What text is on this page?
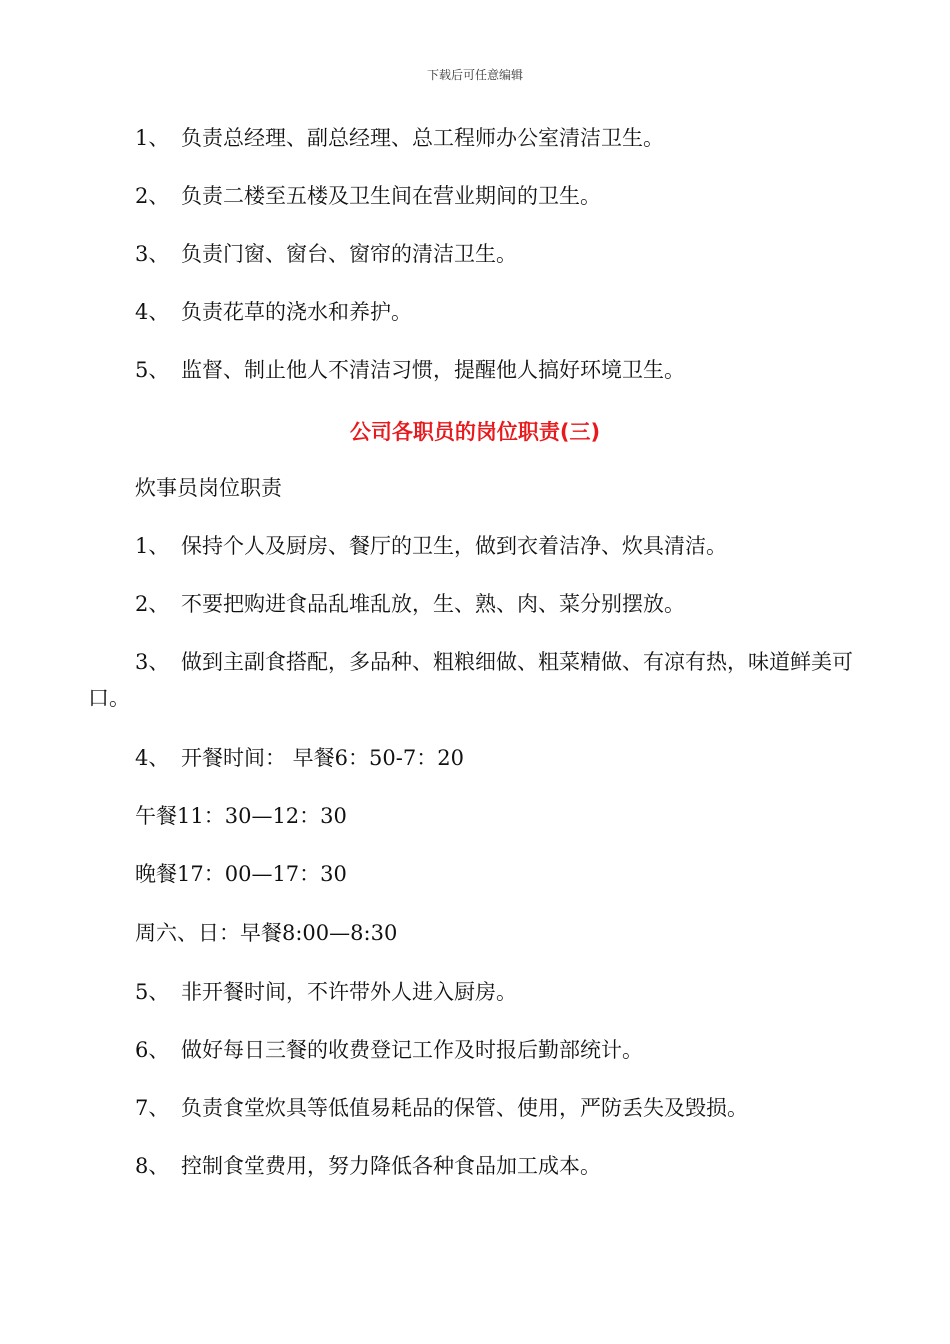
下载后可任意编辑
1、 负责总经理、副总经理、总工程师办公室清洁卫生。
2、 负责二楼至五楼及卫生间在营业期间的卫生。
3、 负责门窗、窗台、窗帘的清洁卫生。
4、 负责花草的浇水和养护。
5、 监督、制止他人不清洁习惯，提醒他人搞好环境卫生。
公司各职员的岗位职责(三)
炊事员岗位职责
1、 保持个人及厨房、餐厅的卫生，做到衣着洁净、炊具清洁。
2、 不要把购进食品乱堆乱放，生、熟、肉、菜分别摆放。
3、 做到主副食搭配，多品种、粗粮细做、粗菜精做、有凉有热，味道鲜美可口。
4、 开餐时间： 早餐6：50-7：20
午餐11：30—12：30
晚餐17：00—17：30
周六、日：早餐8:00—8:30
5、 非开餐时间，不许带外人进入厨房。
6、 做好每日三餐的收费登记工作及时报后勤部统计。
7、 负责食堂炊具等低值易耗品的保管、使用，严防丢失及毁损。
8、 控制食堂费用，努力降低各种食品加工成本。
